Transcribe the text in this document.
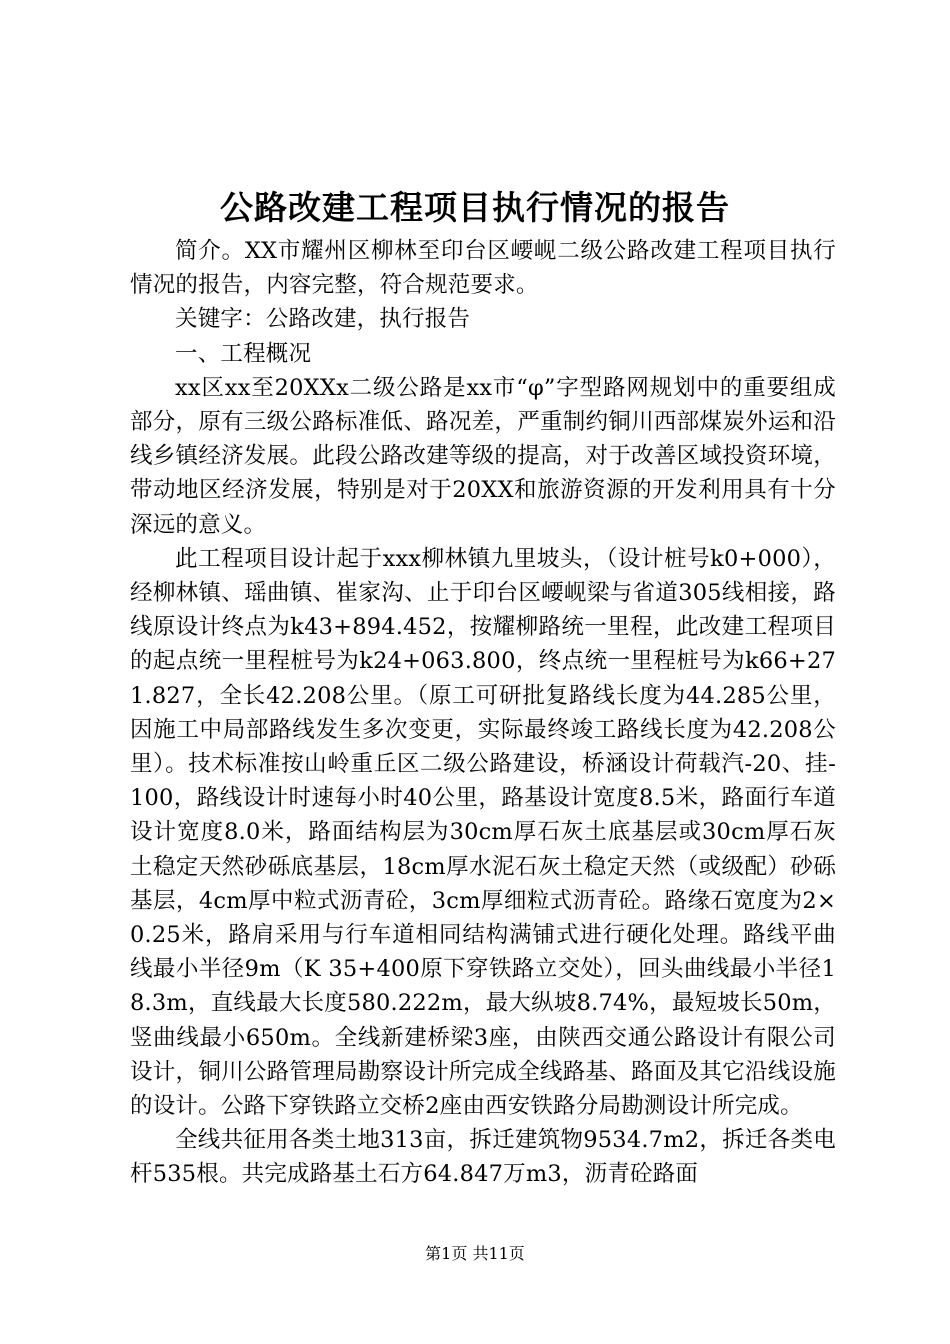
公路改建工程项目执行情况的报告

简介。XX市耀州区柳林至印台区崾岘二级公路改建工程项目执行情况的报告，内容完整，符合规范要求。

关键字：公路改建，执行报告

一、工程概况

xx区xx至20XXx二级公路是xx市“φ”字型路网规划中的重要组成部分，原有三级公路标准低、路况差，严重制约铜川西部煤炭外运和沿线乡镇经济发展。此段公路改建等级的提高，对于改善区域投资环境，带动地区经济发展，特别是对于20XX和旅游资源的开发利用具有十分深远的意义。

此工程项目设计起于xxx柳林镇九里坡头，（设计桩号k0+000），经柳林镇、瑶曲镇、崔家沟、止于印台区崾岘梁与省道305线相接，路线原设计终点为k43+894.452，按耀柳路统一里程，此改建工程项目的起点统一里程桩号为k24+063.800，终点统一里程桩号为k66+271.827，全长42.208公里。（原工可研批复路线长度为44.285公里，因施工中局部路线发生多次变更，实际最终竣工路线长度为42.208公里）。技术标准按山岭重丘区二级公路建设，桥涵设计荷载汽-20、挂-100，路线设计时速每小时40公里，路基设计宽度8.5米，路面行车道设计宽度8.0米，路面结构层为30cm厚石灰土底基层或30cm厚石灰土稳定天然砂砾底基层，18cm厚水泥石灰土稳定天然（或级配）砂砾基层，4cm厚中粒式沥青砼，3cm厚细粒式沥青砼。路缘石宽度为2×0.25米，路肩采用与行车道相同结构满铺式进行硬化处理。路线平曲线最小半径9m（K 35+400原下穿铁路立交处），回头曲线最小半径18.3m，直线最大长度580.222m，最大纵坡8.74%，最短坡长50m，竖曲线最小650m。全线新建桥梁3座，由陕西交通公路设计有限公司设计，铜川公路管理局勘察设计所完成全线路基、路面及其它沿线设施的设计。公路下穿铁路立交桥2座由西安铁路分局勘测设计所完成。

全线共征用各类土地313亩，拆迁建筑物9534.7m2，拆迁各类电杆535根。共完成路基土石方64.847万m3，沥青砼路面

第1页 共11页
